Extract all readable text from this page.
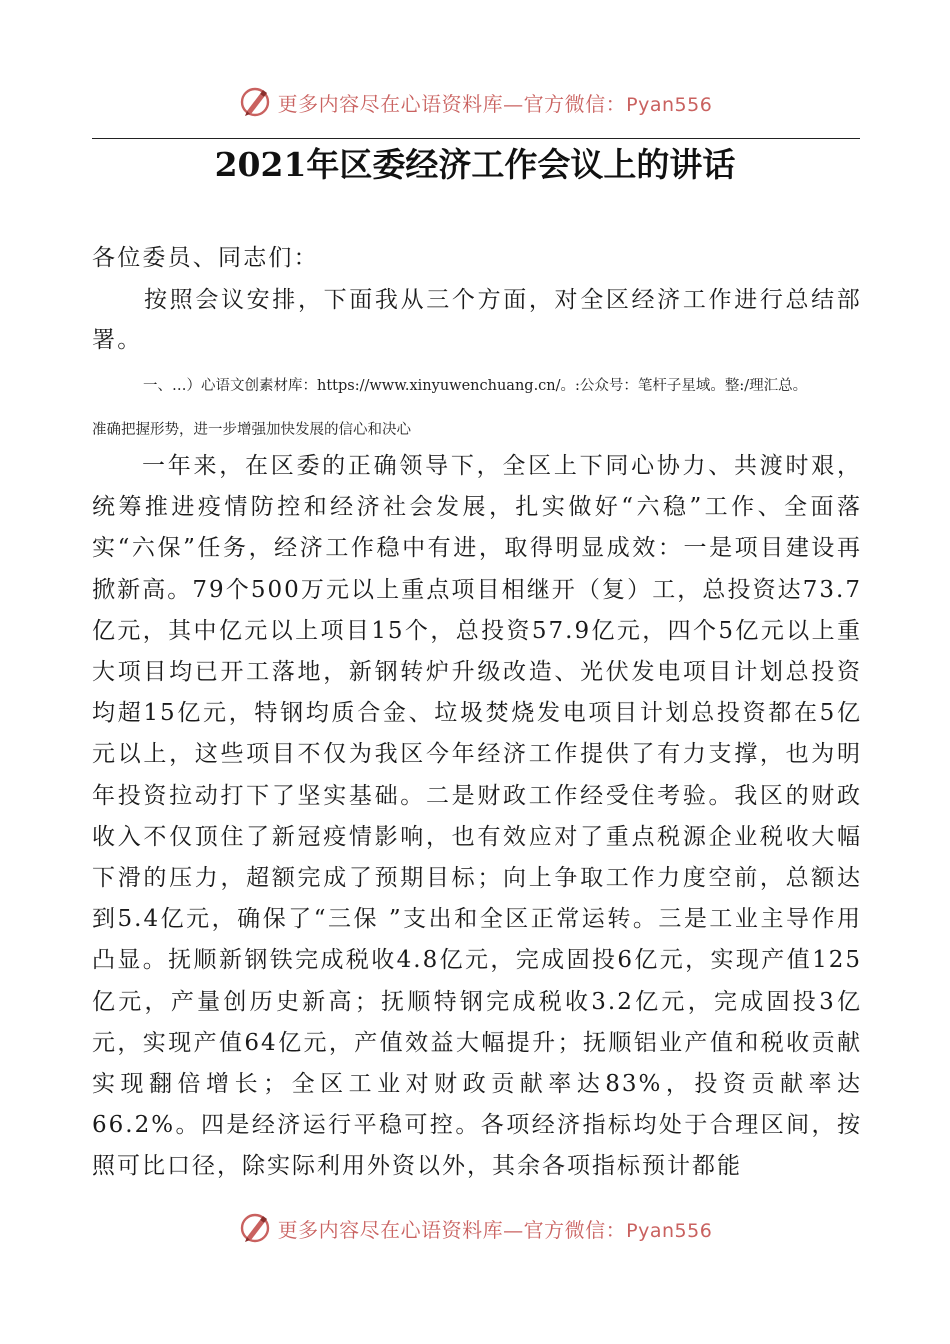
更多内容尽在心语资料库—官方微信：Pyan556
2021年区委经济工作会议上的讲话

各位委员、同志们：

按照会议安排，下面我从三个方面，对全区经济工作进行总结部署。

一、…）心语文创素材库：https://www.xinyuwenchuang.cn/。:公众号：笔杆子星域。整:/理汇总。

准确把握形势，进一步增强加快发展的信心和决心

一年来，在区委的正确领导下，全区上下同心协力、共渡时艰，统筹推进疫情防控和经济社会发展，扎实做好“六稳”工作、全面落实“六保”任务，经济工作稳中有进，取得明显成效：一是项目建设再掀新高。79个500万元以上重点项目相继开（复）工，总投资达73.7亿元，其中亿元以上项目15个，总投资57.9亿元，四个5亿元以上重大项目均已开工落地，新钢转炉升级改造、光伏发电项目计划总投资均超15亿元，特钢均质合金、垃圾焚烧发电项目计划总投资都在5亿元以上，这些项目不仅为我区今年经济工作提供了有力支撑，也为明年投资拉动打下了坚实基础。二是财政工作经受住考验。我区的财政收入不仅顶住了新冠疫情影响，也有效应对了重点税源企业税收大幅下滑的压力，超额完成了预期目标；向上争取工作力度空前，总额达到5.4亿元，确保了“三保 ”支出和全区正常运转。三是工业主导作用凸显。抚顺新钢铁完成税收4.8亿元，完成固投6亿元，实现产值125亿元，产量创历史新高；抚顺特钢完成税收3.2亿元，完成固投3亿元，实现产值64亿元，产值效益大幅提升；抚顺铝业产值和税收贡献实现翻倍增长；全区工业对财政贡献率达83%，投资贡献率达66.2%。四是经济运行平稳可控。各项经济指标均处于合理区间，按照可比口径，除实际利用外资以外，其余各项指标预计都能

更多内容尽在心语资料库—官方微信：Pyan556
